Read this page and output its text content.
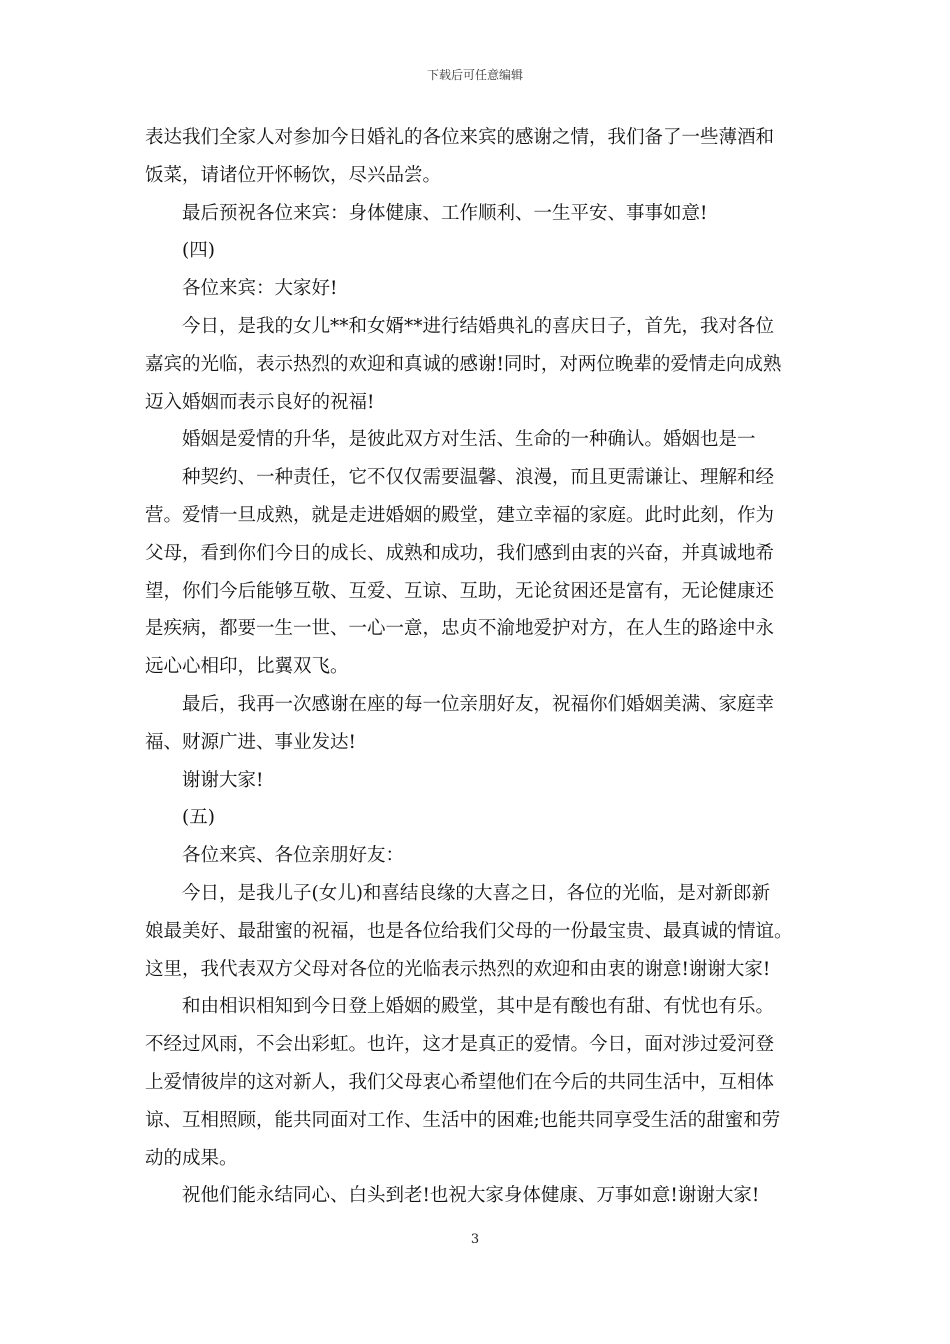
下载后可任意编辑
表达我们全家人对参加今日婚礼的各位来宾的感谢之情，我们备了一些薄酒和
饭菜，请诸位开怀畅饮，尽兴品尝。
最后预祝各位来宾：身体健康、工作顺利、一生平安、事事如意!
(四)
各位来宾：大家好!
今日，是我的女儿**和女婿**进行结婚典礼的喜庆日子，首先，我对各位
嘉宾的光临，表示热烈的欢迎和真诚的感谢!同时，对两位晚辈的爱情走向成熟
迈入婚姻而表示良好的祝福!
婚姻是爱情的升华，是彼此双方对生活、生命的一种确认。婚姻也是一
种契约、一种责任，它不仅仅需要温馨、浪漫，而且更需谦让、理解和经
营。爱情一旦成熟，就是走进婚姻的殿堂，建立幸福的家庭。此时此刻，作为
父母，看到你们今日的成长、成熟和成功，我们感到由衷的兴奋，并真诚地希
望，你们今后能够互敬、互爱、互谅、互助，无论贫困还是富有，无论健康还
是疾病，都要一生一世、一心一意，忠贞不渝地爱护对方，在人生的路途中永
远心心相印，比翼双飞。
最后，我再一次感谢在座的每一位亲朋好友，祝福你们婚姻美满、家庭幸
福、财源广进、事业发达!
谢谢大家!
(五)
各位来宾、各位亲朋好友：
今日，是我儿子(女儿)和喜结良缘的大喜之日，各位的光临，是对新郎新
娘最美好、最甜蜜的祝福，也是各位给我们父母的一份最宝贵、最真诚的情谊。
这里，我代表双方父母对各位的光临表示热烈的欢迎和由衷的谢意!谢谢大家!
和由相识相知到今日登上婚姻的殿堂，其中是有酸也有甜、有忧也有乐。
不经过风雨，不会出彩虹。也许，这才是真正的爱情。今日，面对涉过爱河登
上爱情彼岸的这对新人，我们父母衷心希望他们在今后的共同生活中，互相体
谅、互相照顾，能共同面对工作、生活中的困难;也能共同享受生活的甜蜜和劳
动的成果。
祝他们能永结同心、白头到老!也祝大家身体健康、万事如意!谢谢大家!
3
